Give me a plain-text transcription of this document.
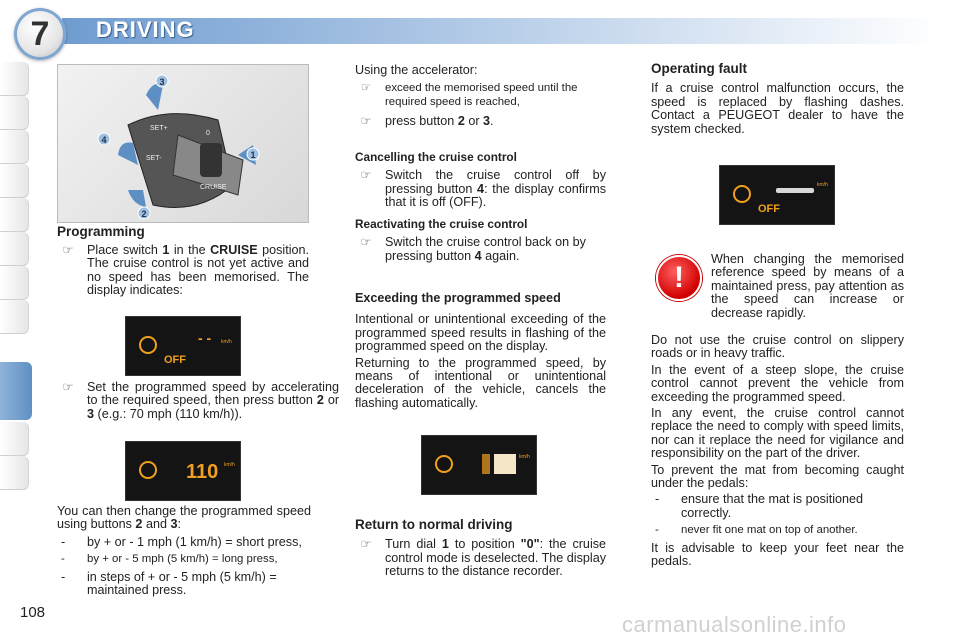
7	DRIVING
3
4
1
2
SET+
SET-
0
CRUISE
Programming
☞	Place switch 1 in the CRUISE position. The cruise control is not yet active and no speed has been memorised. The display indicates:
OFF
- - km/h
☞	Set the programmed speed by accelerating to the required speed, then press button 2 or 3 (e.g.: 70 mph (110 km/h)).
110 km/h
You can then change the programmed speed using buttons 2 and 3:
- by + or - 1 mph (1 km/h) = short press,
- by + or - 5 mph (5 km/h) = long press,
- in steps of + or - 5 mph (5 km/h) = maintained press.
108
Using the accelerator:
☞	exceed the memorised speed until the required speed is reached,
☞	press button 2 or 3.
Cancelling the cruise control
☞	Switch the cruise control off by pressing button 4: the display confirms that it is off (OFF).
Reactivating the cruise control
☞	Switch the cruise control back on by pressing button 4 again.
Exceeding the programmed speed
Intentional or unintentional exceeding of the programmed speed results in flashing of the programmed speed on the display.
Returning to the programmed speed, by means of intentional or unintentional deceleration of the vehicle, cancels the flashing automatically.
km/h
Return to normal driving
☞	Turn dial 1 to position "0": the cruise control mode is deselected. The display returns to the distance recorder.
Operating fault
If a cruise control malfunction occurs, the speed is replaced by flashing dashes. Contact a PEUGEOT dealer to have the system checked.
OFF
km/h
!
When changing the memorised reference speed by means of a maintained press, pay attention as the speed can increase or decrease rapidly.
Do not use the cruise control on slippery roads or in heavy traffic.
In the event of a steep slope, the cruise control cannot prevent the vehicle from exceeding the programmed speed.
In any event, the cruise control cannot replace the need to comply with speed limits, nor can it replace the need for vigilance and responsibility on the part of the driver.
To prevent the mat from becoming caught under the pedals:
- ensure that the mat is positioned correctly.
- never fit one mat on top of another.
It is advisable to keep your feet near the pedals.
carmanualsonline.info
